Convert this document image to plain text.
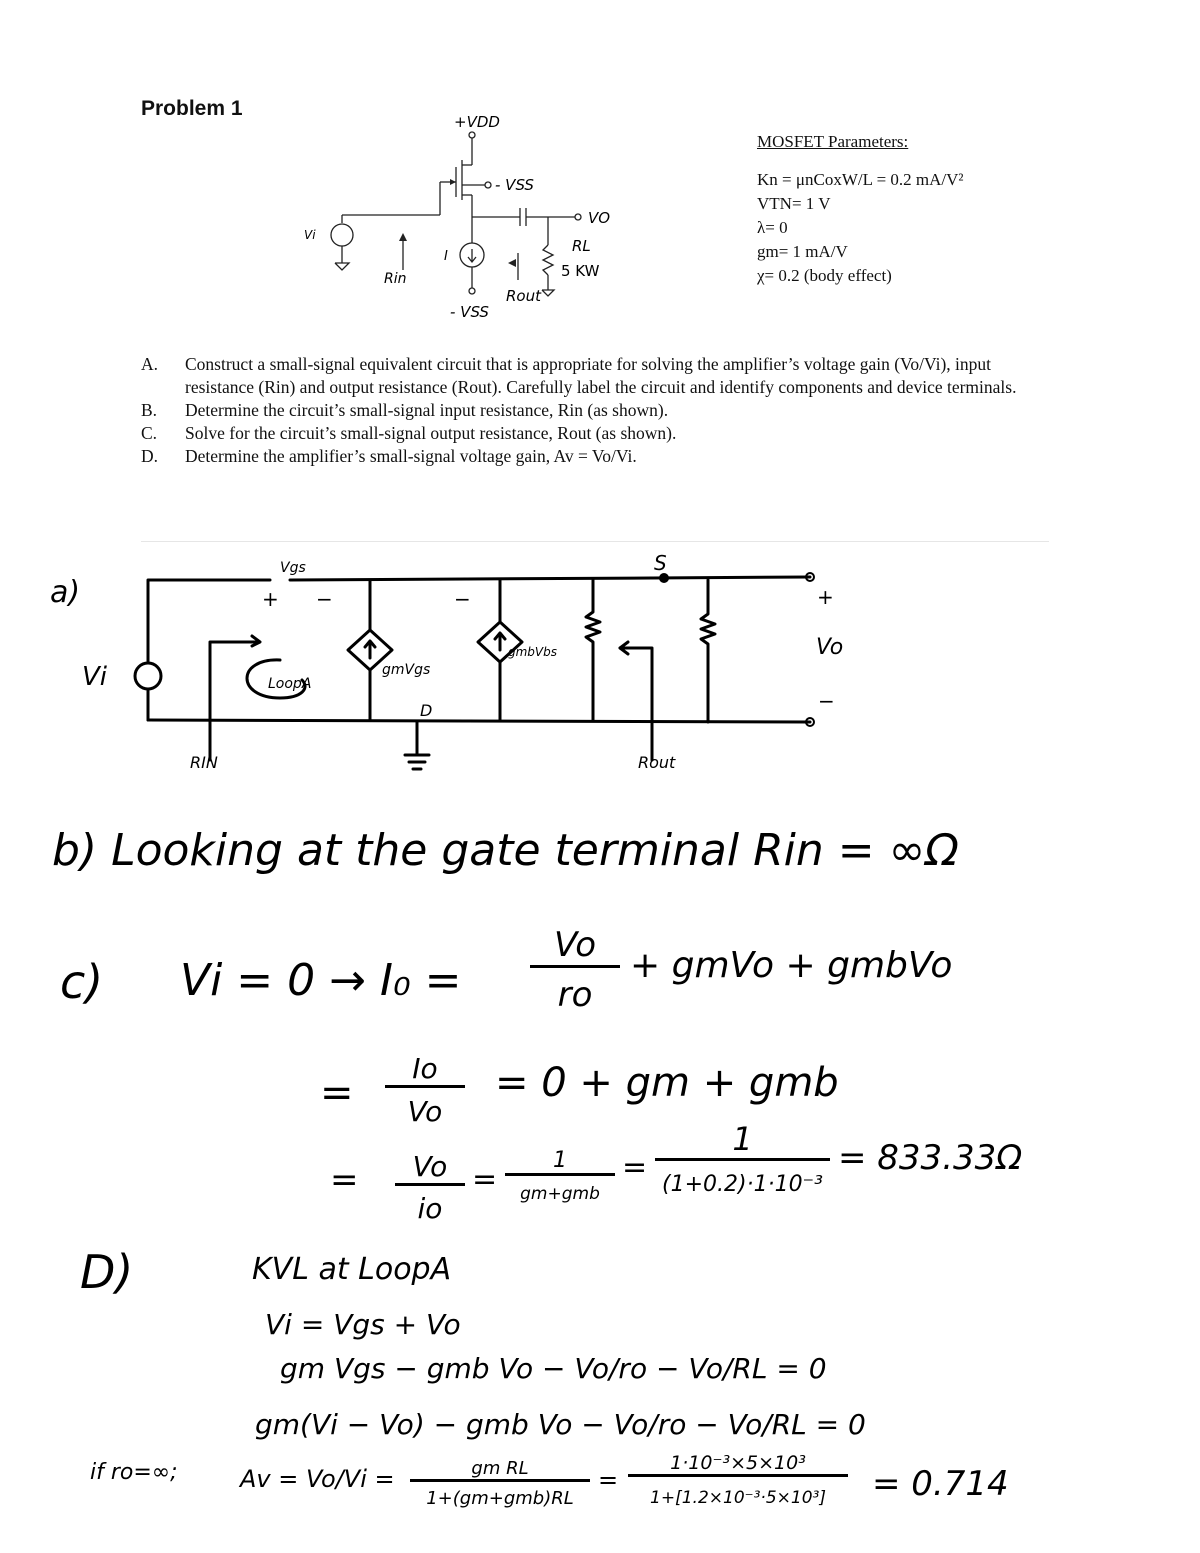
Problem 1
+VDD
- VSS
VO
Vi
Rin
I
- VSS
Rout
RL
5 KW
MOSFET Parameters:
Kn = μnCoxW/L = 0.2 mA/V²
VTN= 1 V
λ= 0
gm= 1 mA/V
χ= 0.2 (body effect)
A.	Construct a small-signal equivalent circuit that is appropriate for solving the amplifier’s voltage gain (Vo/Vi), input resistance (Rin) and output resistance (Rout). Carefully label the circuit and identify components and device terminals.
B.	Determine the circuit’s small-signal input resistance, Rin (as shown).
C.	Solve for the circuit’s small-signal output resistance, Rout (as shown).
D.	Determine the amplifier’s small-signal voltage gain, Av = Vo/Vi.
a)
Vi
Vgs
+ −	−
LoopA
gmVgs
gmbVbs
S
D
+
Vo
−
RIN	Rout
b) Looking at the gate terminal Rin = ∞Ω
c) Vi = 0 → I₀ =
Vo
ro
+ gmVo + gmbVo
=
Io
Vo
= 0 + gm + gmb
=	Vo
io
=
1
gm+gmb
=
1
(1+0.2)·1·10⁻³
= 833.33Ω
D)	KVL at LoopA
Vi = Vgs + Vo
gm Vgs − gmb Vo − Vo/ro − Vo/RL = 0
gm(Vi − Vo) − gmb Vo − Vo/ro − Vo/RL = 0
if ro=∞;	Av = Vo/Vi =	gm RL
1+(gm+gmb)RL
=
1·10⁻³×5×10³
1+[1.2×10⁻³·5×10³]	= 0.714
